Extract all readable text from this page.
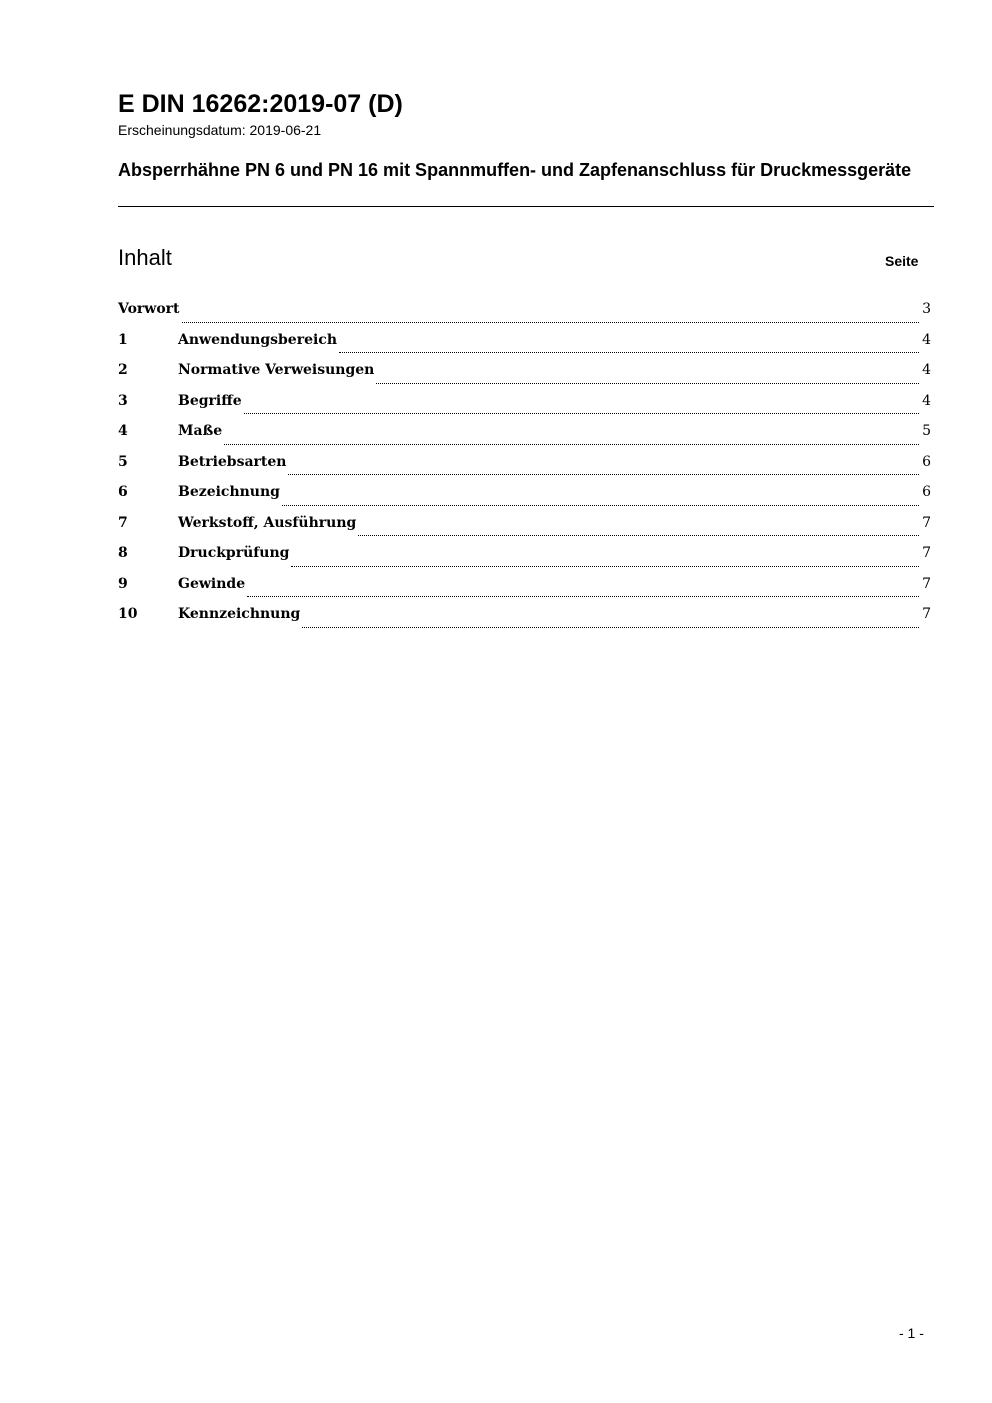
E DIN 16262:2019-07 (D)

Erscheinungsdatum: 2019-06-21

Absperrhähne PN 6 und PN 16 mit Spannmuffen- und Zapfenanschluss für Druckmessgeräte
Inhalt	Seite
Vorwort	3
1	Anwendungsbereich	4
2	Normative Verweisungen	4
3	Begriffe	4
4	Maße	5
5	Betriebsarten	6
6	Bezeichnung	6
7	Werkstoff, Ausführung	7
8	Druckprüfung	7
9	Gewinde	7
10	Kennzeichnung	7
- 1 -
